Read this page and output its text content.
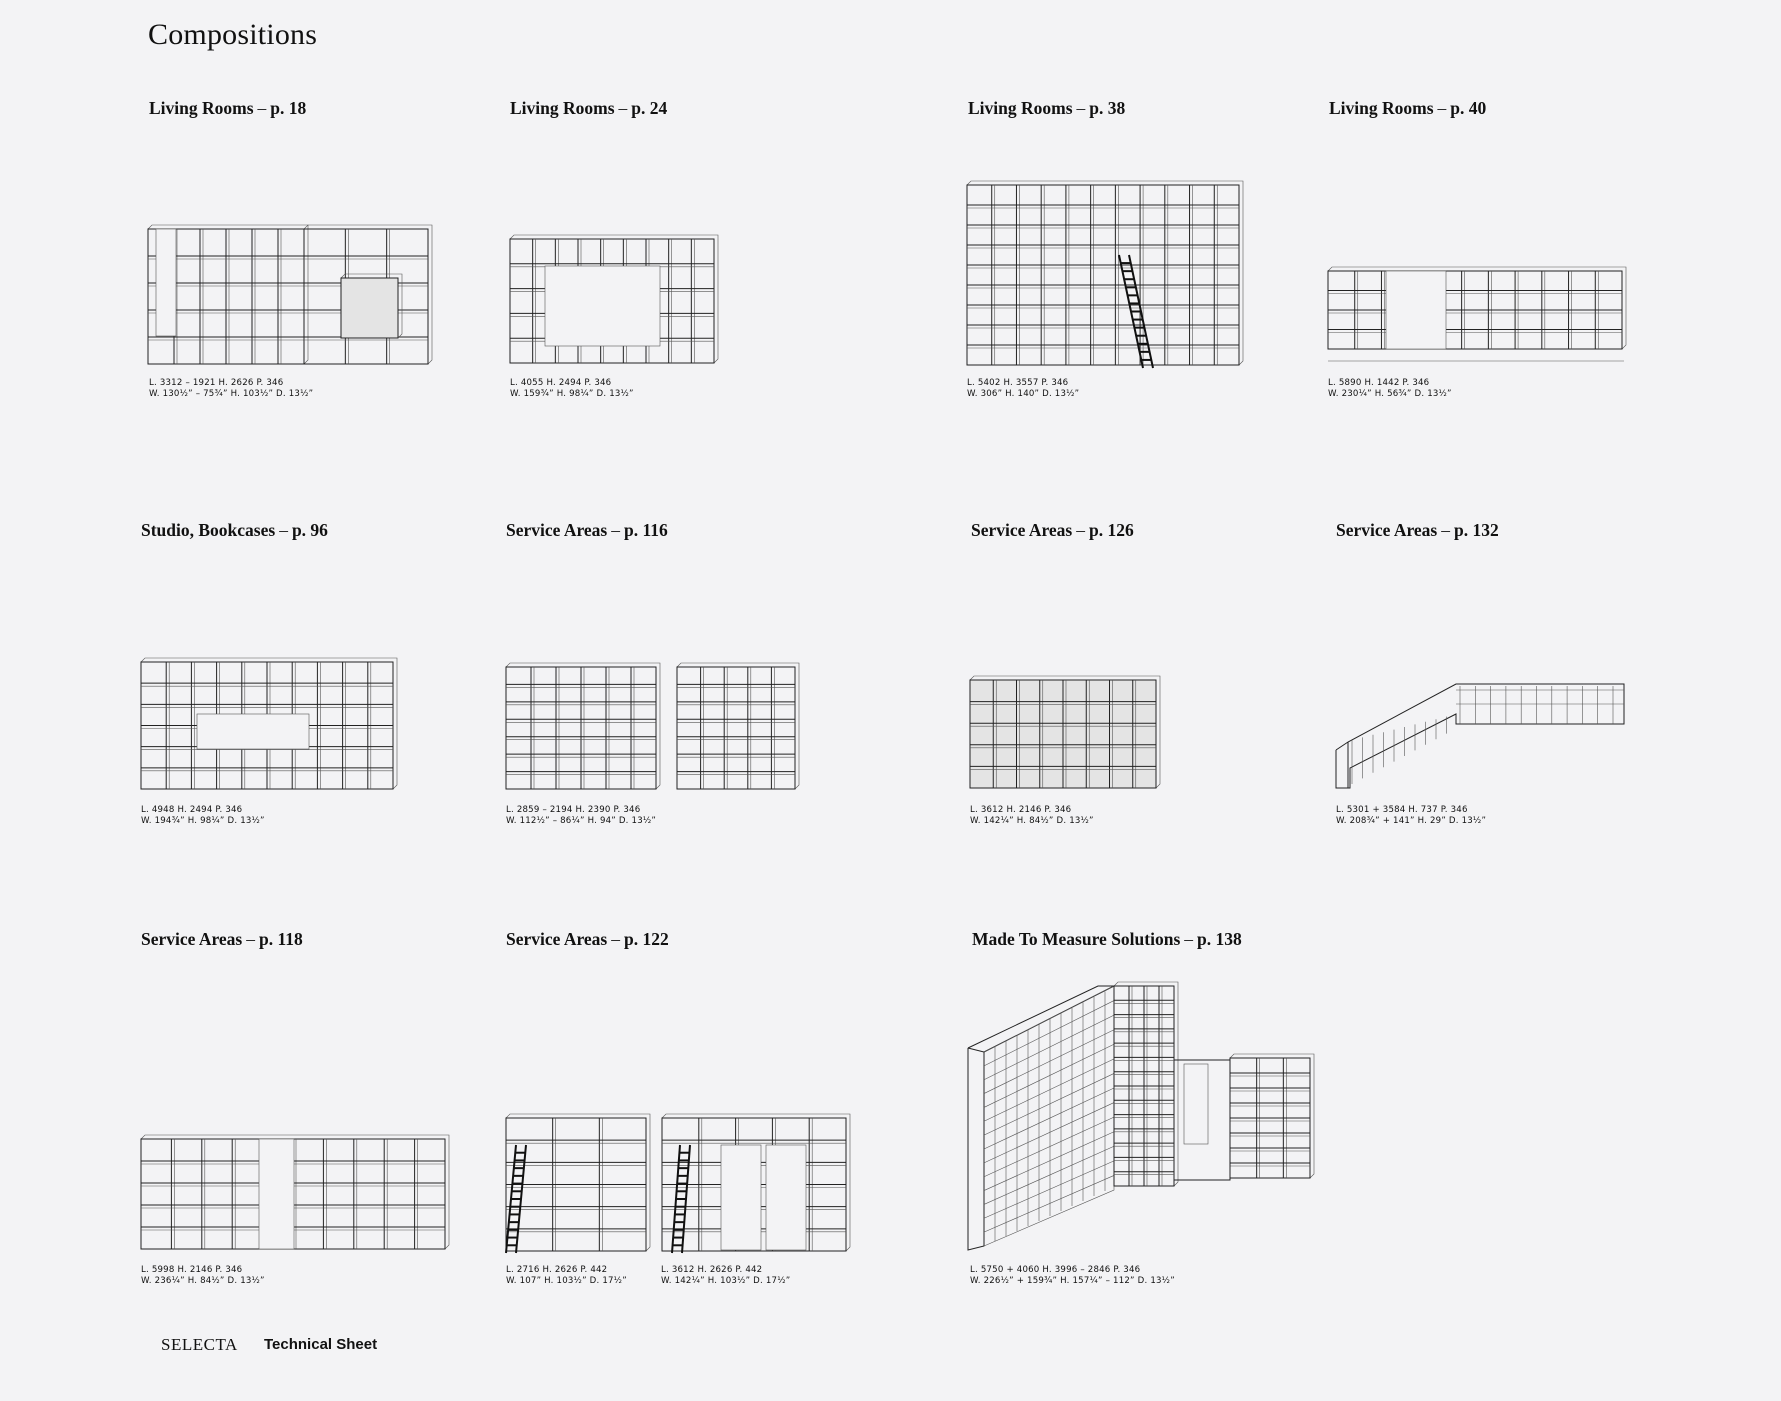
Compositions
Living Rooms – p. 18	Living Rooms – p. 24	Living Rooms – p. 38	Living Rooms – p. 40
Studio, Bookcases – p. 96	Service Areas – p. 116	Service Areas – p. 126	Service Areas – p. 132
Service Areas – p. 118	Service Areas – p. 122	Made To Measure Solutions – p. 138
L. 3312 – 1921 H. 2626 P. 346
W. 130½” – 75¾” H. 103½” D. 13½”
L. 4055 H. 2494 P. 346
W. 159¾” H. 98¼” D. 13½”
L. 5402 H. 3557 P. 346
W. 306” H. 140” D. 13½”
L. 5890 H. 1442 P. 346
W. 230¼” H. 56¾” D. 13½”
L. 4948 H. 2494 P. 346
W. 194¾” H. 98¼” D. 13½”
L. 2859 – 2194 H. 2390 P. 346
W. 112½” – 86¼” H. 94” D. 13½”
L. 3612 H. 2146 P. 346
W. 142¼” H. 84½” D. 13½”
L. 5301 + 3584 H. 737 P. 346
W. 208¾” + 141” H. 29” D. 13½”
L. 5998 H. 2146 P. 346
W. 236¼” H. 84½” D. 13½”
L. 2716 H. 2626 P. 442
W. 107” H. 103½” D. 17½”
L. 3612 H. 2626 P. 442
W. 142¼” H. 103½” D. 17½”
L. 5750 + 4060 H. 3996 – 2846 P. 346
W. 226½” + 159¾” H. 157¼” – 112” D. 13½”
SELECTA Technical Sheet
